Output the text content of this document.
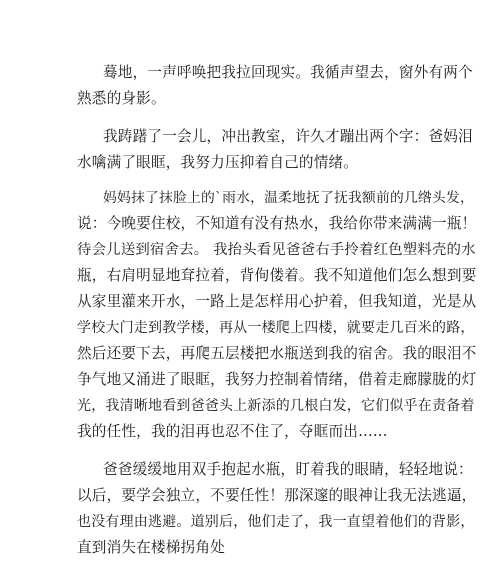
蓦地，一声呼唤把我拉回现实。我循声望去，窗外有两个
熟悉的身影。
我踌躇了一会儿，冲出教室，许久才蹦出两个字：爸妈泪
水噙满了眼眶，我努力压抑着自己的情绪。
妈妈抹了抹脸上的`雨水，温柔地抚了抚我额前的几绺头发，
说：今晚要住校，不知道有没有热水，我给你带来满满一瓶！
待会儿送到宿舍去。 我抬头看见爸爸右手拎着红色塑料壳的水
瓶，右肩明显地耷拉着，背佝偻着。我不知道他们怎么想到要
从家里灌来开水，一路上是怎样用心护着，但我知道，光是从
学校大门走到教学楼，再从一楼爬上四楼，就要走几百米的路，
然后还要下去，再爬五层楼把水瓶送到我的宿舍。我的眼泪不
争气地又涌进了眼眶，我努力控制着情绪，借着走廊朦胧的灯
光，我清晰地看到爸爸头上新添的几根白发，它们似乎在责备着
我的任性，我的泪再也忍不住了，夺眶而出……
爸爸缓缓地用双手抱起水瓶，盯着我的眼睛，轻轻地说：
以后，要学会独立，不要任性！那深邃的眼神让我无法逃逼，
也没有理由逃避。道别后，他们走了，我一直望着他们的背影，
直到消失在楼梯拐角处
